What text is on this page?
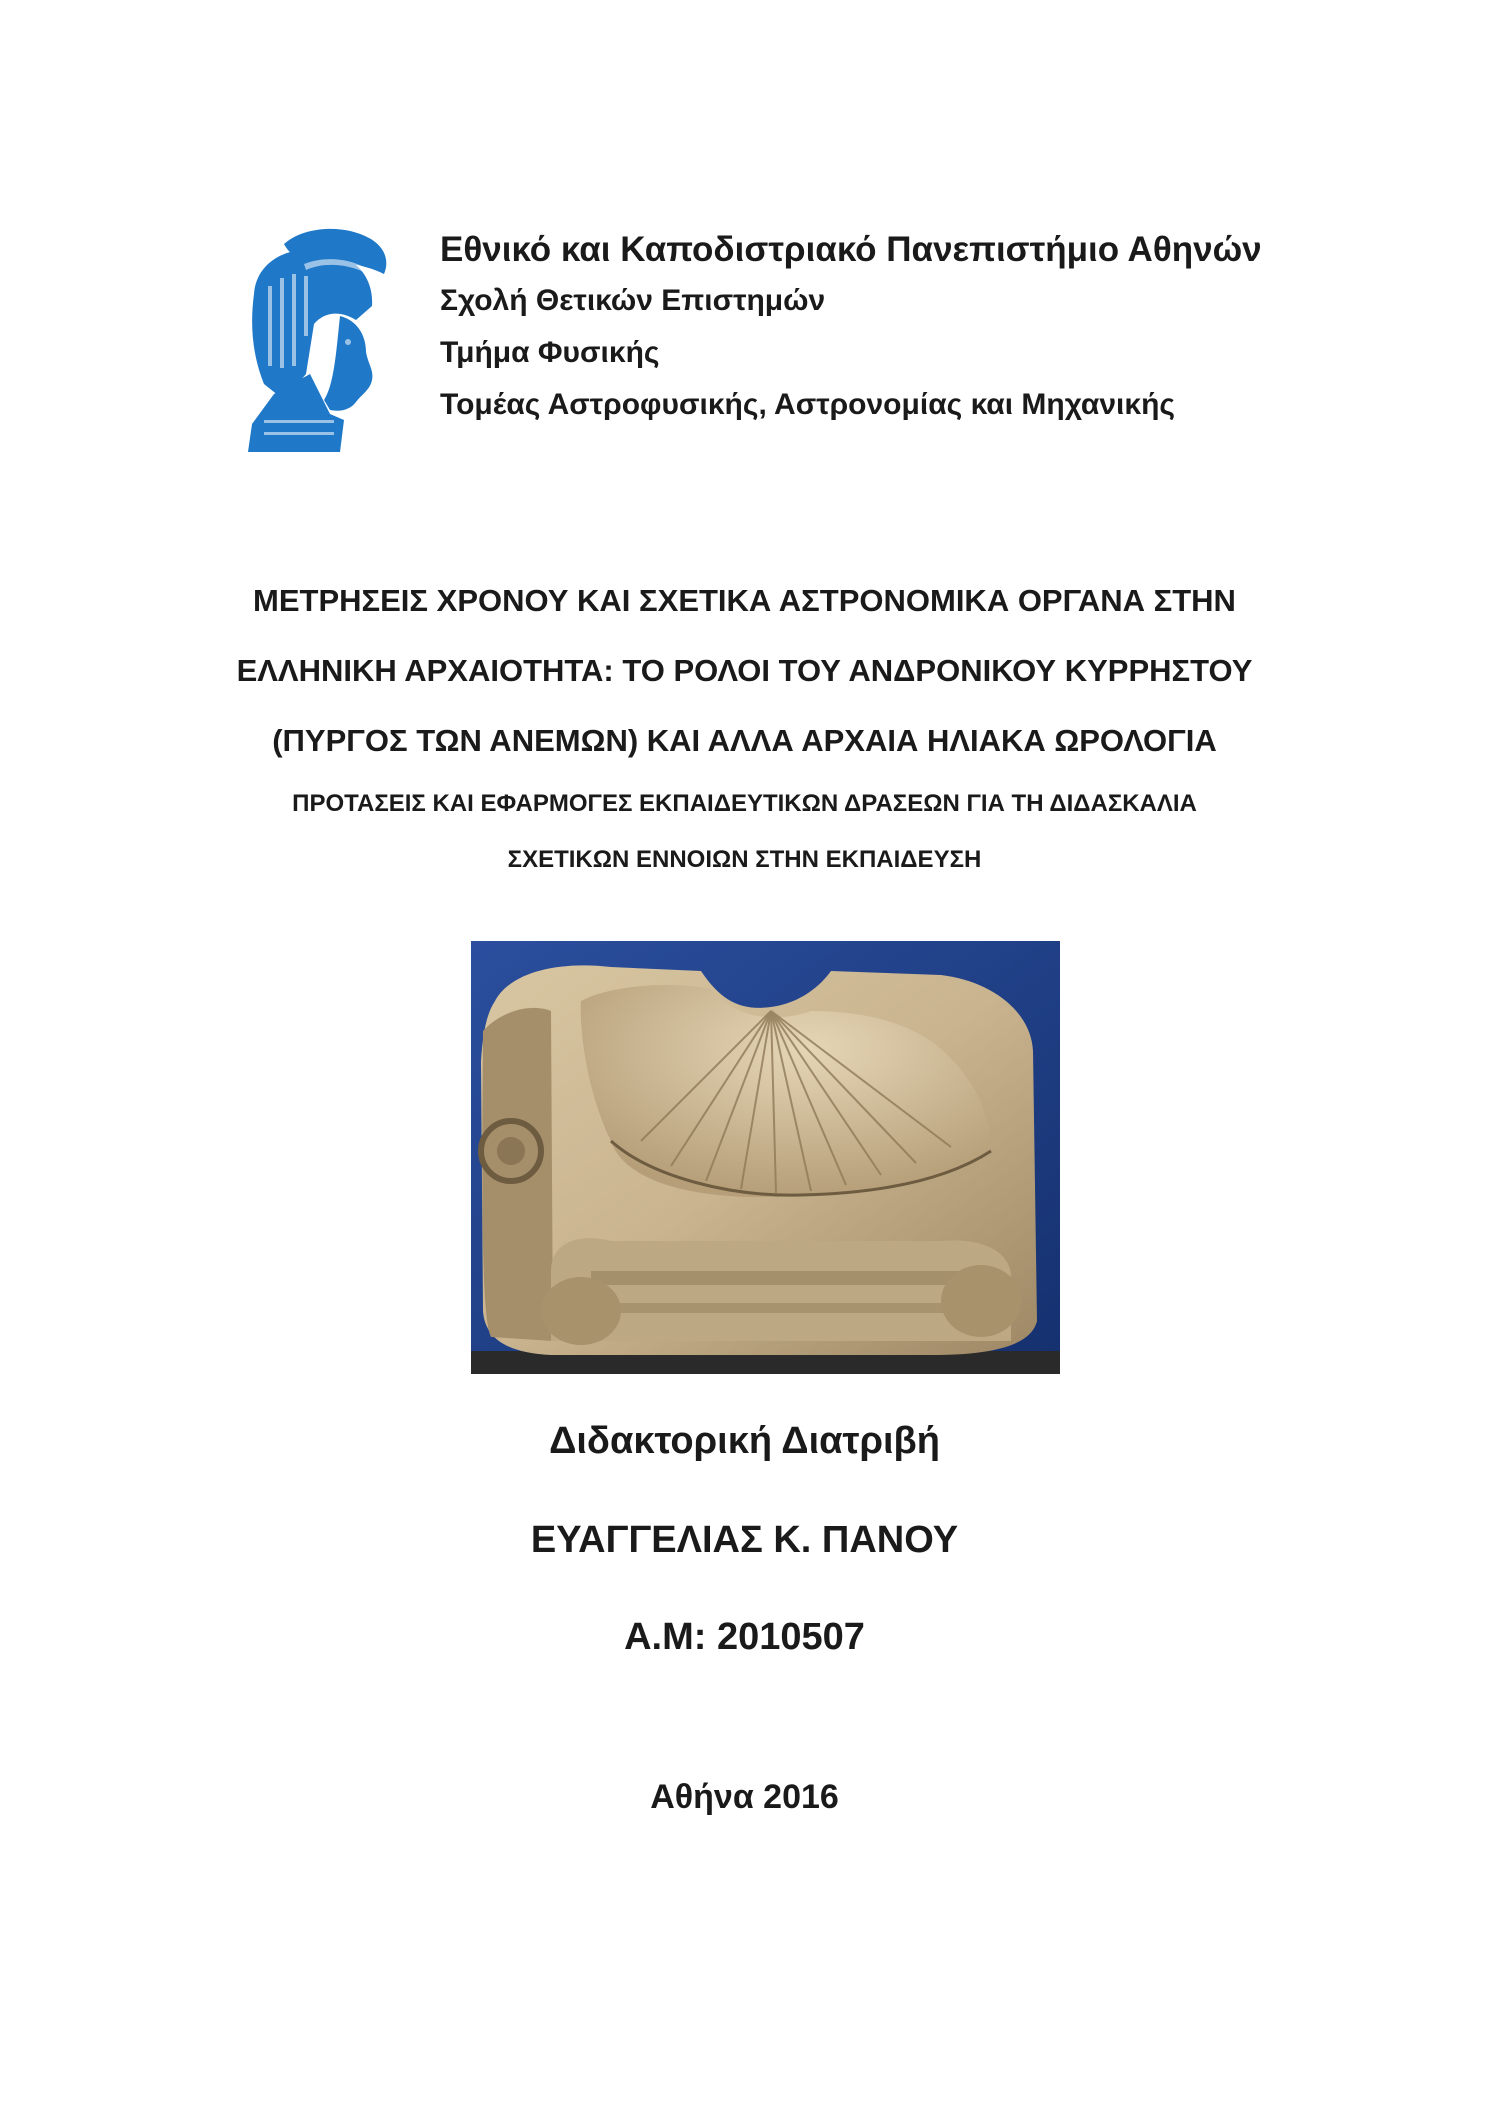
Εθνικό και Καποδιστριακό Πανεπιστήμιο Αθηνών
Σχολή Θετικών Επιστημών
Τμήμα Φυσικής
Τομέας Αστροφυσικής, Αστρονομίας και Μηχανικής
ΜΕΤΡΗΣΕΙΣ ΧΡΟΝΟΥ ΚΑΙ ΣΧΕΤΙΚΑ ΑΣΤΡΟΝΟΜΙΚΑ ΟΡΓΑΝΑ ΣΤΗΝ
ΕΛΛΗΝΙΚΗ ΑΡΧΑΙΟΤΗΤΑ: ΤΟ ΡΟΛΟΙ ΤΟΥ ΑΝΔΡΟΝΙΚΟΥ ΚΥΡΡΗΣΤΟΥ
(ΠΥΡΓΟΣ ΤΩΝ ΑΝΕΜΩΝ) ΚΑΙ ΑΛΛΑ ΑΡΧΑΙΑ ΗΛΙΑΚΑ ΩΡΟΛΟΓΙΑ
ΠΡΟΤΑΣΕΙΣ ΚΑΙ ΕΦΑΡΜΟΓΕΣ ΕΚΠΑΙΔΕΥΤΙΚΩΝ ΔΡΑΣΕΩΝ ΓΙΑ ΤΗ ΔΙΔΑΣΚΑΛΙΑ
ΣΧΕΤΙΚΩΝ ΕΝΝΟΙΩΝ ΣΤΗΝ ΕΚΠΑΙΔΕΥΣΗ
Διδακτορική Διατριβή
ΕΥΑΓΓΕΛΙΑΣ Κ. ΠΑΝΟΥ
Α.Μ: 2010507
Αθήνα 2016
